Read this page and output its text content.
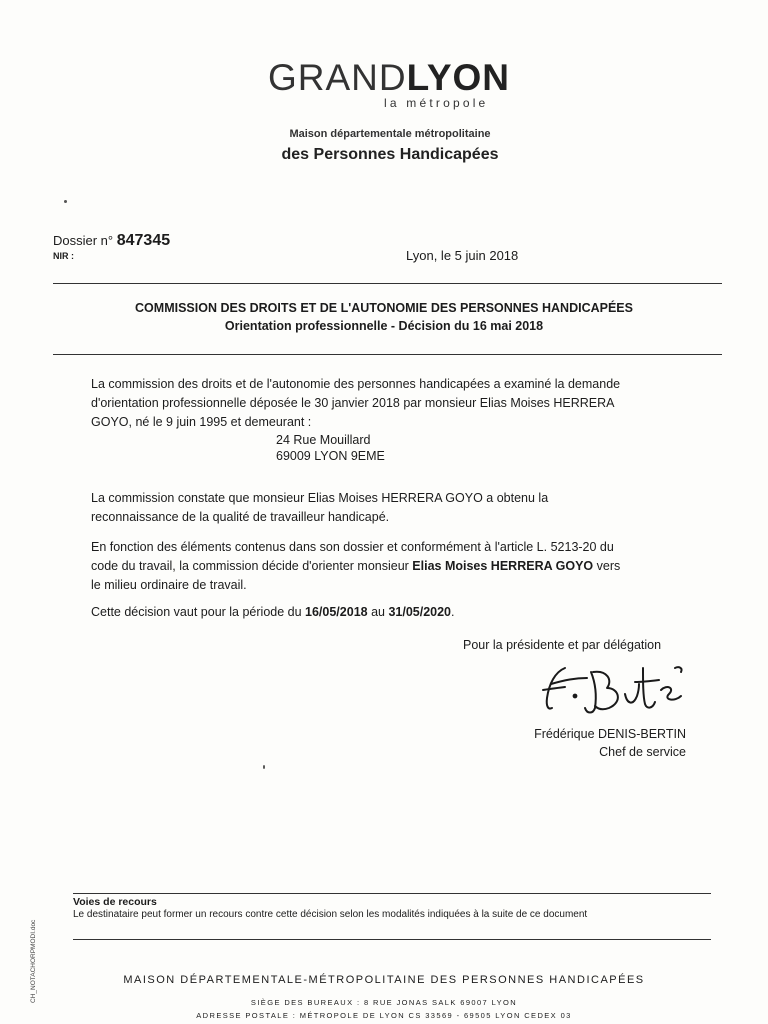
GRANDLYON
la métropole
Maison départementale métropolitaine
des Personnes Handicapées
Dossier n° 847345
NIR :	Lyon, le 5 juin 2018
COMMISSION DES DROITS ET DE L'AUTONOMIE DES PERSONNES HANDICAPÉES
Orientation professionnelle - Décision du 16 mai 2018
La commission des droits et de l'autonomie des personnes handicapées a examiné la demande
d'orientation professionnelle déposée le 30 janvier 2018 par monsieur Elias Moises HERRERA
GOYO, né le 9 juin 1995 et demeurant :
24 Rue Mouillard
69009 LYON 9EME
La commission constate que monsieur Elias Moises HERRERA GOYO a obtenu la
reconnaissance de la qualité de travailleur handicapé.
En fonction des éléments contenus dans son dossier et conformément à l'article L. 5213-20 du
code du travail, la commission décide d'orienter monsieur Elias Moises HERRERA GOYO vers
le milieu ordinaire de travail.
Cette décision vaut pour la période du 16/05/2018 au 31/05/2020.
Pour la présidente et par délégation
Frédérique DENIS-BERTIN
Chef de service
Voies de recours
Le destinataire peut former un recours contre cette décision selon les modalités indiquées à la suite de ce document
CH_NOTACHORPMODI.doc	MAISON DÉPARTEMENTALE-MÉTROPOLITAINE DES PERSONNES HANDICAPÉES
SIÈGE DES BUREAUX : 8 RUE JONAS SALK 69007 LYON
ADRESSE POSTALE : MÉTROPOLE DE LYON CS 33569 - 69505 LYON CEDEX 03
